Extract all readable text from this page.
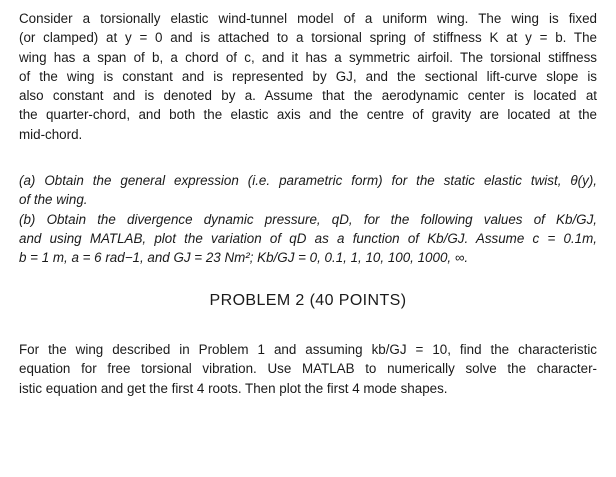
Consider a torsionally elastic wind-tunnel model of a uniform wing. The wing is fixed
(or clamped) at y = 0 and is attached to a torsional spring of stiffness K at y = b. The
wing has a span of b, a chord of c, and it has a symmetric airfoil. The torsional stiffness
of the wing is constant and is represented by GJ, and the sectional lift-curve slope is
also constant and is denoted by a. Assume that the aerodynamic center is located at
the quarter-chord, and both the elastic axis and the centre of gravity are located at the
mid-chord.

(a) Obtain the general expression (i.e. parametric form) for the static elastic twist, θ(y),
of the wing.
(b) Obtain the divergence dynamic pressure, qD, for the following values of Kb/GJ,
and using MATLAB, plot the variation of qD as a function of Kb/GJ. Assume c = 0.1m,
b = 1 m, a = 6 rad−1, and GJ = 23 Nm²; Kb/GJ = 0, 0.1, 1, 10, 100, 1000, ∞.

PROBLEM 2 (40 POINTS)

For the wing described in Problem 1 and assuming kb/GJ = 10, find the characteristic
equation for free torsional vibration. Use MATLAB to numerically solve the character-
istic equation and get the first 4 roots. Then plot the first 4 mode shapes.
